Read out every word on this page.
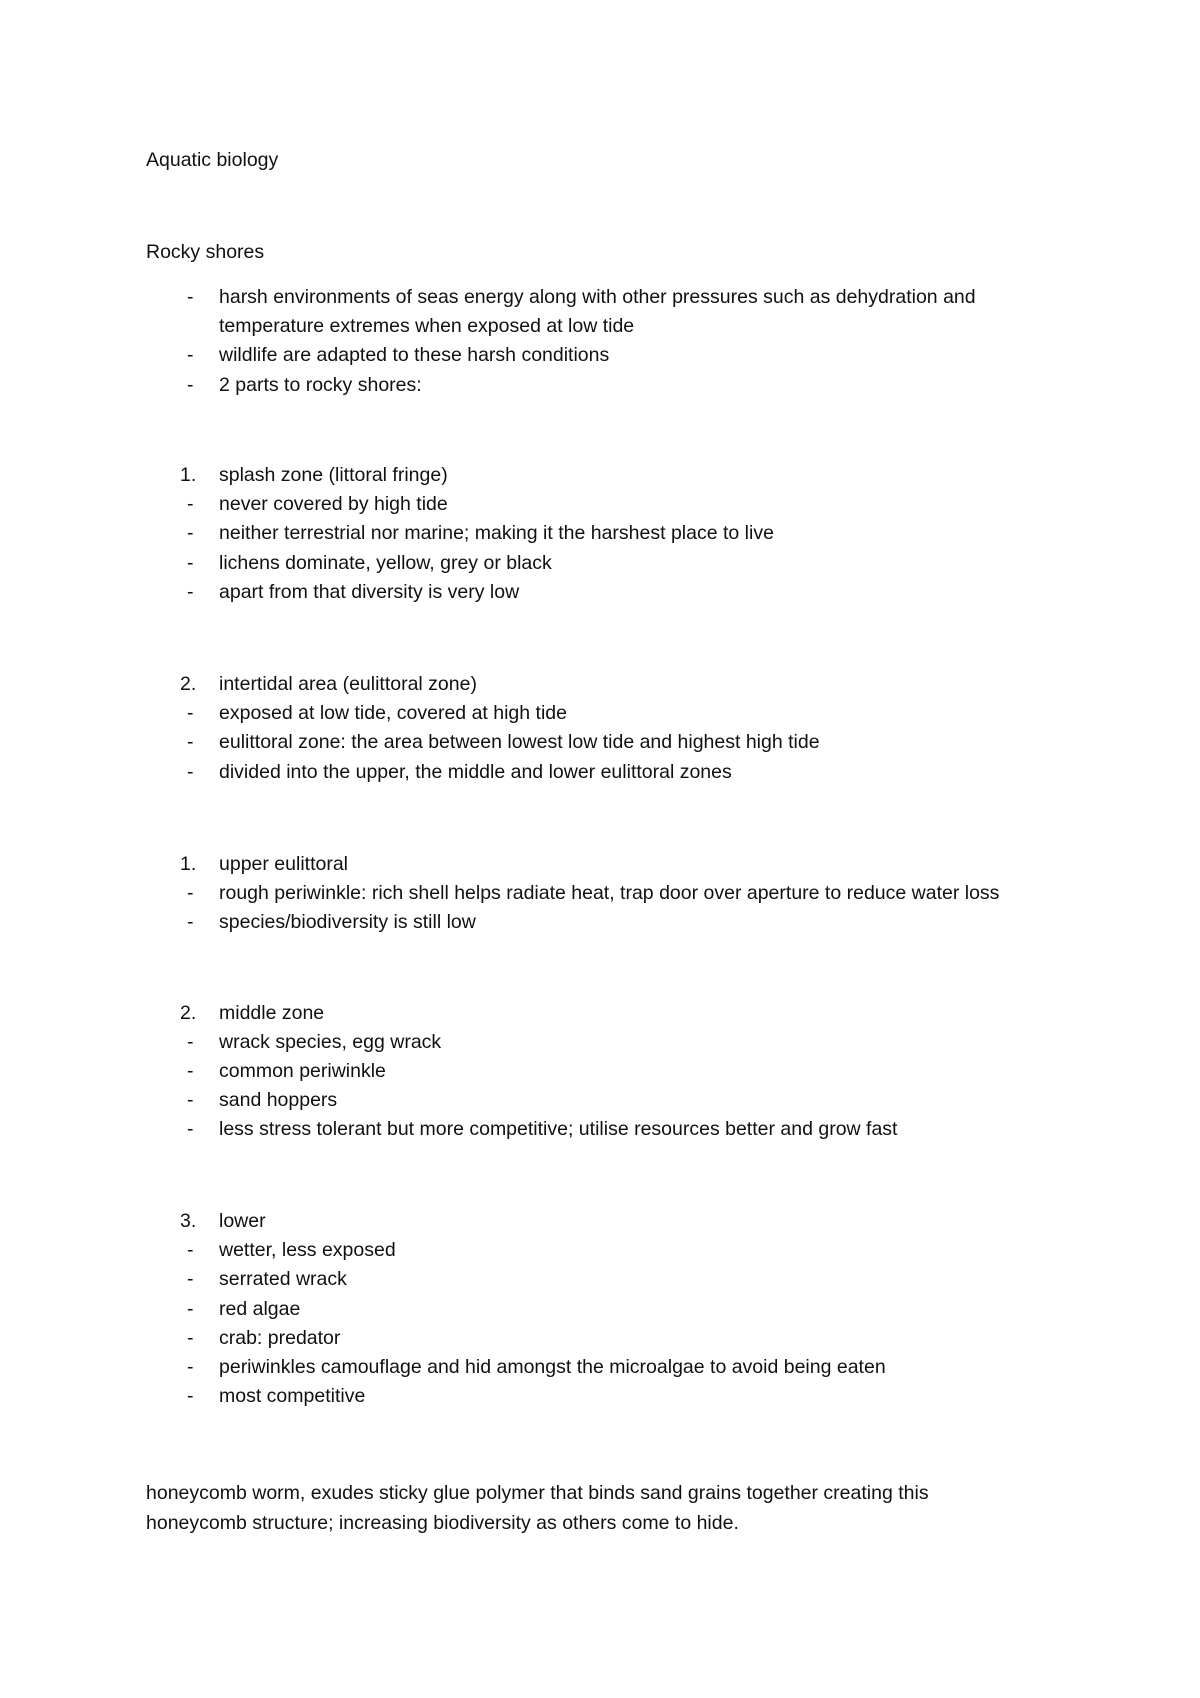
Aquatic biology
Rocky shores
- harsh environments of seas energy along with other pressures such as dehydration and
temperature extremes when exposed at low tide
- wildlife are adapted to these harsh conditions
- 2 parts to rocky shores:
1. splash zone (littoral fringe)
- never covered by high tide
- neither terrestrial nor marine; making it the harshest place to live
- lichens dominate, yellow, grey or black
- apart from that diversity is very low
2. intertidal area (eulittoral zone)
- exposed at low tide, covered at high tide
- eulittoral zone: the area between lowest low tide and highest high tide
- divided into the upper, the middle and lower eulittoral zones
1. upper eulittoral
- rough periwinkle: rich shell helps radiate heat, trap door over aperture to reduce water loss
- species/biodiversity is still low
2. middle zone
- wrack species, egg wrack
- common periwinkle
- sand hoppers
- less stress tolerant but more competitive; utilise resources better and grow fast
3. lower
- wetter, less exposed
- serrated wrack
- red algae
- crab: predator
- periwinkles camouflage and hid amongst the microalgae to avoid being eaten
- most competitive
honeycomb worm, exudes sticky glue polymer that binds sand grains together creating this
honeycomb structure; increasing biodiversity as others come to hide.
